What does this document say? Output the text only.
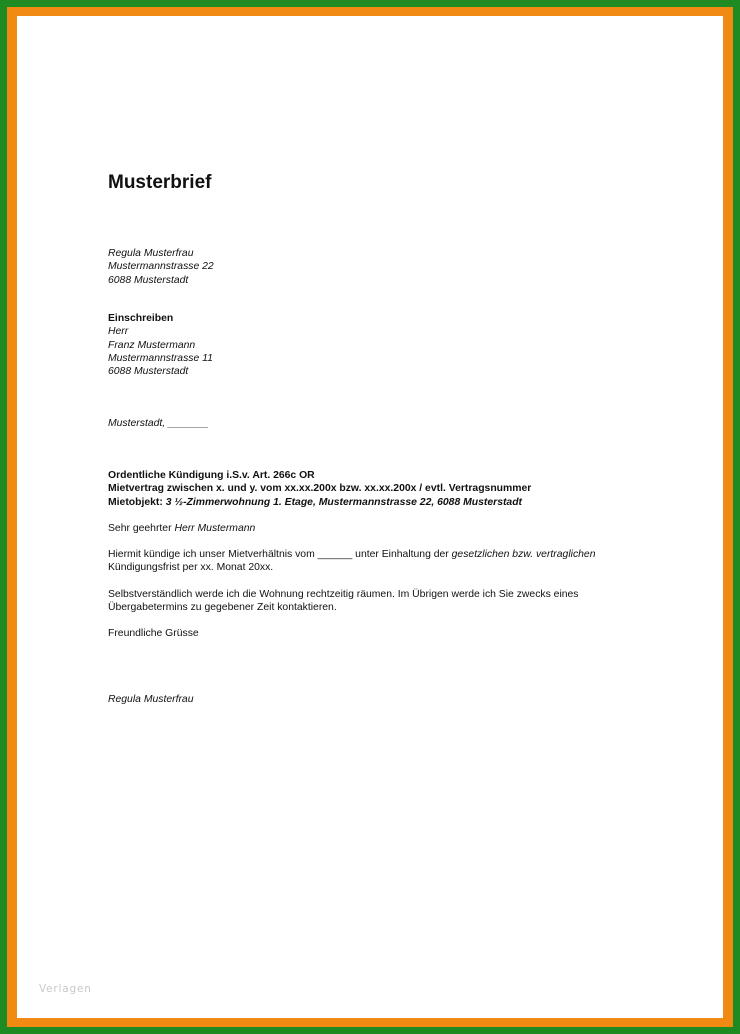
Musterbrief
Regula Musterfrau
Mustermannstrasse 22
6088 Musterstadt
Einschreiben
Herr
Franz Mustermann
Mustermannstrasse 11
6088 Musterstadt
Musterstadt, _______
Ordentliche Kündigung i.S.v. Art. 266c OR
Mietvertrag zwischen x. und y. vom xx.xx.200x bzw. xx.xx.200x / evtl. Vertragsnummer
Mietobjekt: 3 ½-Zimmerwohnung 1. Etage, Mustermannstrasse 22, 6088 Musterstadt
Sehr geehrter Herr Mustermann
Hiermit kündige ich unser Mietverhältnis vom ______ unter Einhaltung der gesetzlichen bzw. vertraglichen
Kündigungsfrist per xx. Monat 20xx.
Selbstverständlich werde ich die Wohnung rechtzeitig räumen. Im Übrigen werde ich Sie zwecks eines
Übergabetermins zu gegebener Zeit kontaktieren.
Freundliche Grüsse
Regula Musterfrau
Verlagen
